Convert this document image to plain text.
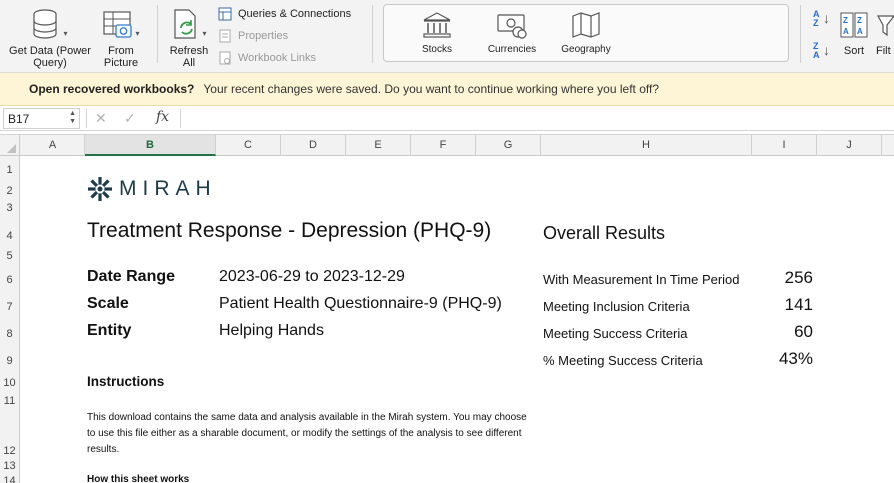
▾
Get Data (Power Query)
▾
From Picture
▾
Refresh All
Queries & Connections
Properties
Workbook Links
Stocks	Currencies	Geography
A
Z ↓
Z
A ↓
Z Z
A A
Sort	Filt
Open recovered workbooks? Your recent changes were saved. Do you want to continue working where you left off?
B17	▲
▼ ✕ ✓ fx
A	B	C	D	E	F	G	H	I	J
1
2
3
4
5
6
7
8
9
10
11
12
13
14
MIRAH
Treatment Response - Depression (PHQ-9)
Date Range	2023-06-29 to 2023-12-29
Scale	Patient Health Questionnaire-9 (PHQ-9)
Entity	Helping Hands
Overall Results
With Measurement In Time Period	256
Meeting Inclusion Criteria	141
Meeting Success Criteria	60
% Meeting Success Criteria	43%
Instructions
This download contains the same data and analysis available in the Mirah system. You may choose to use this file either as a sharable document, or modify the settings of the analysis to see different results.
How this sheet works
